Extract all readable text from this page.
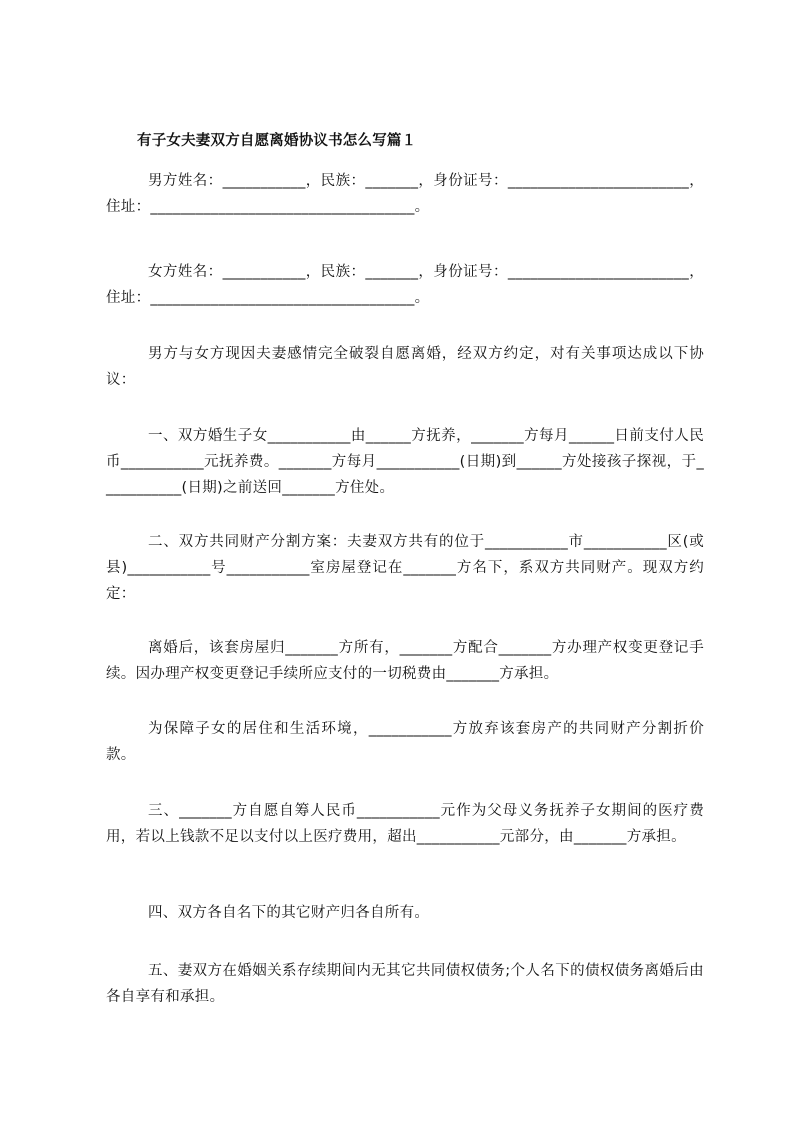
有子女夫妻双方自愿离婚协议书怎么写篇１

男方姓名：___________，民族：_______，身份证号：________________________，住址：___________________________________。

女方姓名：___________，民族：_______，身份证号：________________________，住址：___________________________________。

男方与女方现因夫妻感情完全破裂自愿离婚，经双方约定，对有关事项达成以下协议：

一、双方婚生子女___________由______方抚养，_______方每月______日前支付人民币___________元抚养费。_______方每月___________(日期)到______方处接孩子探视，于___________(日期)之前送回_______方住处。

二、双方共同财产分割方案：夫妻双方共有的位于___________市___________区(或县)___________号___________室房屋登记在_______方名下，系双方共同财产。现双方约定：

离婚后，该套房屋归_______方所有，_______方配合_______方办理产权变更登记手续。因办理产权变更登记手续所应支付的一切税费由_______方承担。

为保障子女的居住和生活环境，___________方放弃该套房产的共同财产分割折价款。

三、_______方自愿自筹人民币___________元作为父母义务抚养子女期间的医疗费用，若以上钱款不足以支付以上医疗费用，超出___________元部分，由_______方承担。

四、双方各自名下的其它财产归各自所有。

五、妻双方在婚姻关系存续期间内无其它共同债权债务;个人名下的债权债务离婚后由各自享有和承担。
